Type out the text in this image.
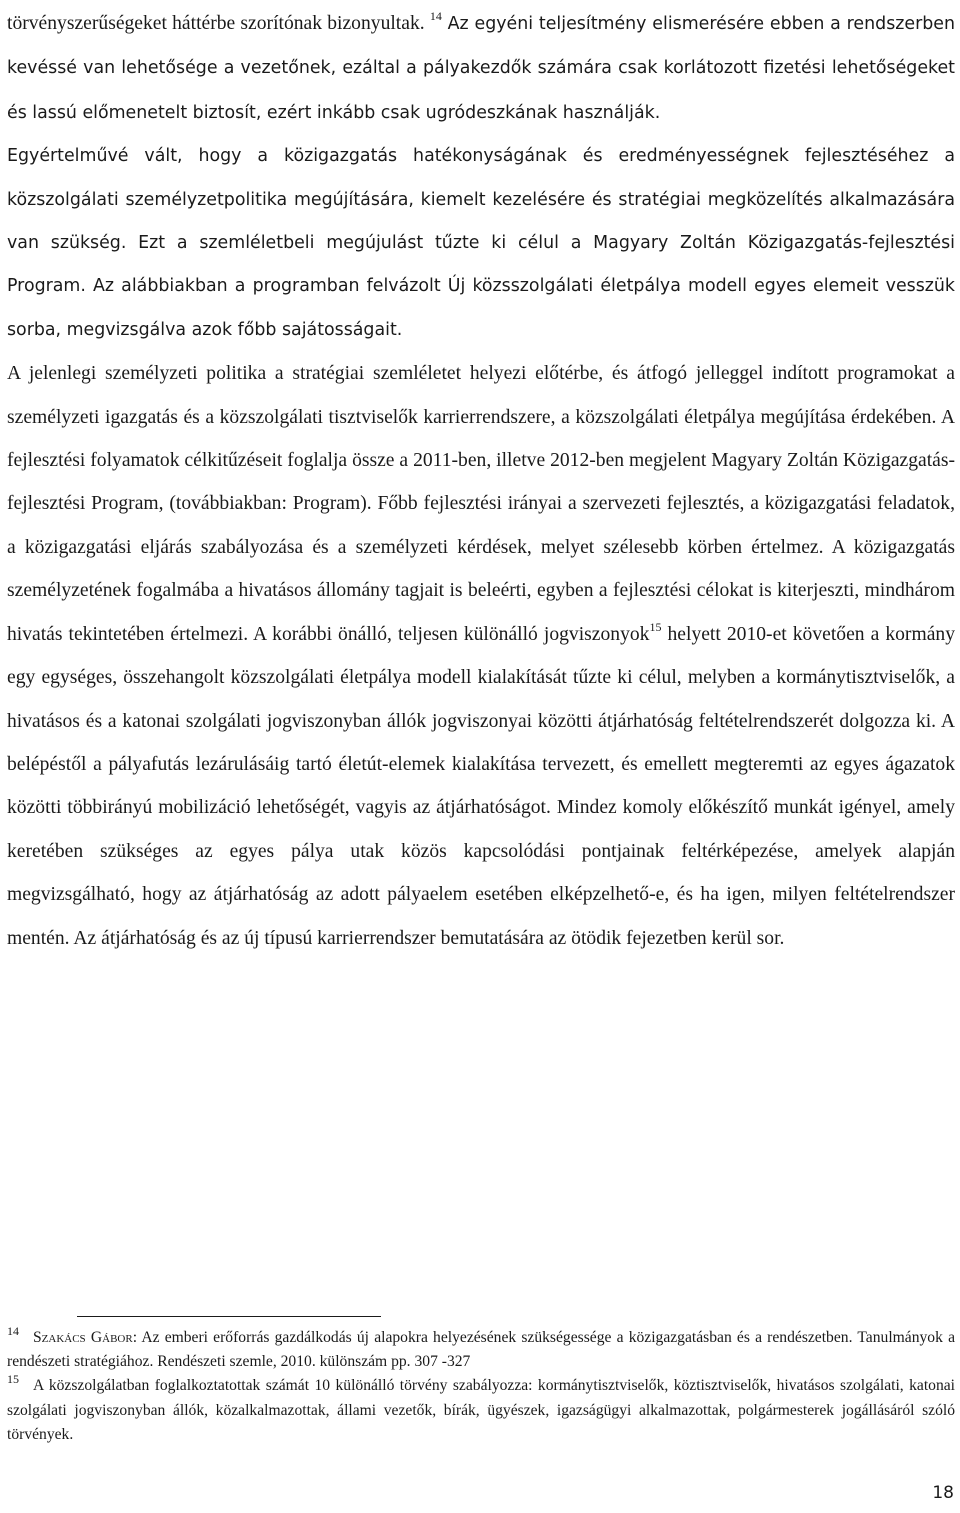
törvényszerűségeket háttérbe szorítónak bizonyultak. $^{14}$ Az egyéni teljesítmény elismerésére ebben a rendszerben kevéssé van lehetősége a vezetőnek, ezáltal a pályakezdők számára csak korlátozott fizetési lehetőségeket és lassú előmenetelt biztosít, ezért inkább csak ugródeszkának használják.

Egyértelművé vált, hogy a közigazgatás hatékonyságának és eredményességnek fejlesztéséhez a közszolgálati személyzetpolitika megújítására, kiemelt kezelésére és stratégiai megközelítés alkalmazására van szükség. Ezt a szemléletbeli megújulást tűzte ki célul a Magyary Zoltán Közigazgatás-fejlesztési Program. Az alábbiakban a programban felvázolt Új közsszolgálati életpálya modell egyes elemeit vesszük sorba, megvizsgálva azok főbb sajátosságait.

A jelenlegi személyzeti politika a stratégiai szemléletet helyezi előtérbe, és átfogó jelleggel indított programokat a személyzeti igazgatás és a közszolgálati tisztviselők karrierrendszere, a közszolgálati életpálya megújítása érdekében. A fejlesztési folyamatok célkitűzéseit foglalja össze a 2011-ben, illetve 2012-ben megjelent Magyary Zoltán Közigazgatás-fejlesztési Program, (továbbiakban: Program). Főbb fejlesztési irányai a szervezeti fejlesztés, a közigazgatási feladatok, a közigazgatási eljárás szabályozása és a személyzeti kérdések, melyet szélesebb körben értelmez. A közigazgatás személyzetének fogalmába a hivatásos állomány tagjait is beleérti, egyben a fejlesztési célokat is kiterjeszti, mindhárom hivatás tekintetében értelmezi. A korábbi önálló, teljesen különálló jogviszonyok$^{15}$ helyett 2010-et követően a kormány egy egységes, összehangolt közszolgálati életpálya modell kialakítását tűzte ki célul, melyben a kormánytisztviselők, a hivatásos és a katonai szolgálati jogviszonyban állók jogviszonyai közötti átjárhatóság feltételrendszerét dolgozza ki. A belépéstől a pályafutás lezárulásáig tartó életút-elemek kialakítása tervezett, és emellett megteremti az egyes ágazatok közötti többirányú mobilizáció lehetőségét, vagyis az átjárhatóságot. Mindez komoly előkészítő munkát igényel, amely keretében szükséges az egyes pálya utak közös kapcsolódási pontjainak feltérképezése, amelyek alapján megvizsgálható, hogy az átjárhatóság az adott pályaelem esetében elképzelhető-e, és ha igen, milyen feltételrendszer mentén. Az átjárhatóság és az új típusú karrierrendszer bemutatására az ötödik fejezetben kerül sor.

$^{14}$ Szakács Gábor: Az emberi erőforrás gazdálkodás új alapokra helyezésének szükségessége a közigazgatásban és a rendészetben. Tanulmányok a rendészeti stratégiához. Rendészeti szemle, 2010. különszám pp. 307 -327

$^{15}$ A közszolgálatban foglalkoztatottak számát 10 különálló törvény szabályozza: kormánytisztviselők, köztisztviselők, hivatásos szolgálati, katonai szolgálati jogviszonyban állók, közalkalmazottak, állami vezetők, bírák, ügyészek, igazságügyi alkalmazottak, polgármesterek jogállásáról szóló törvények.

18
